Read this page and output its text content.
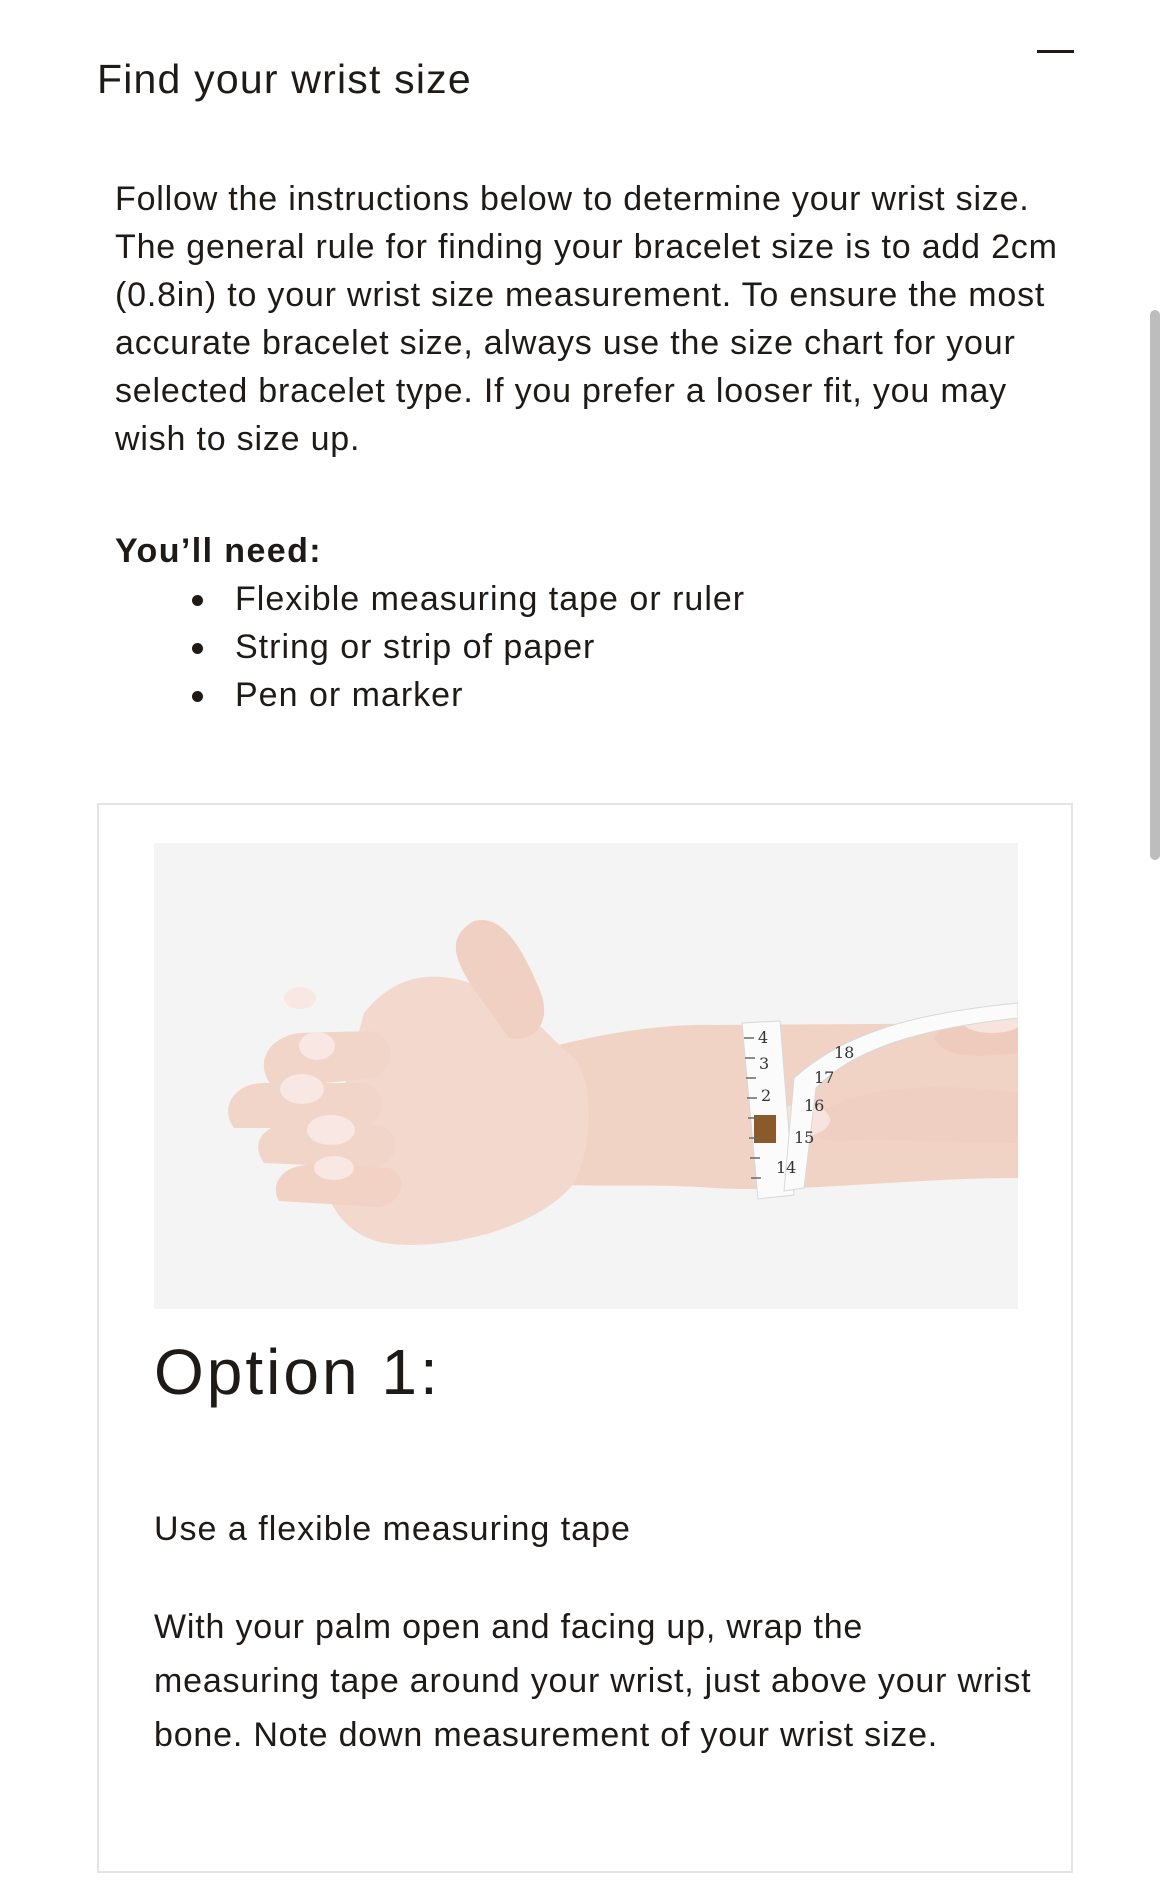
Find your wrist size

Follow the instructions below to determine your wrist size. The general rule for finding your bracelet size is to add 2cm (0.8in) to your wrist size measurement. To ensure the most accurate bracelet size, always use the size chart for your selected bracelet type. If you prefer a looser fit, you may wish to size up.

You’ll need:
Flexible measuring tape or ruler
String or strip of paper
Pen or marker
4
3
2
18
17
16
15
14
Option 1:

Use a flexible measuring tape

With your palm open and facing up, wrap the measuring tape around your wrist, just above your wrist bone. Note down measurement of your wrist size.
